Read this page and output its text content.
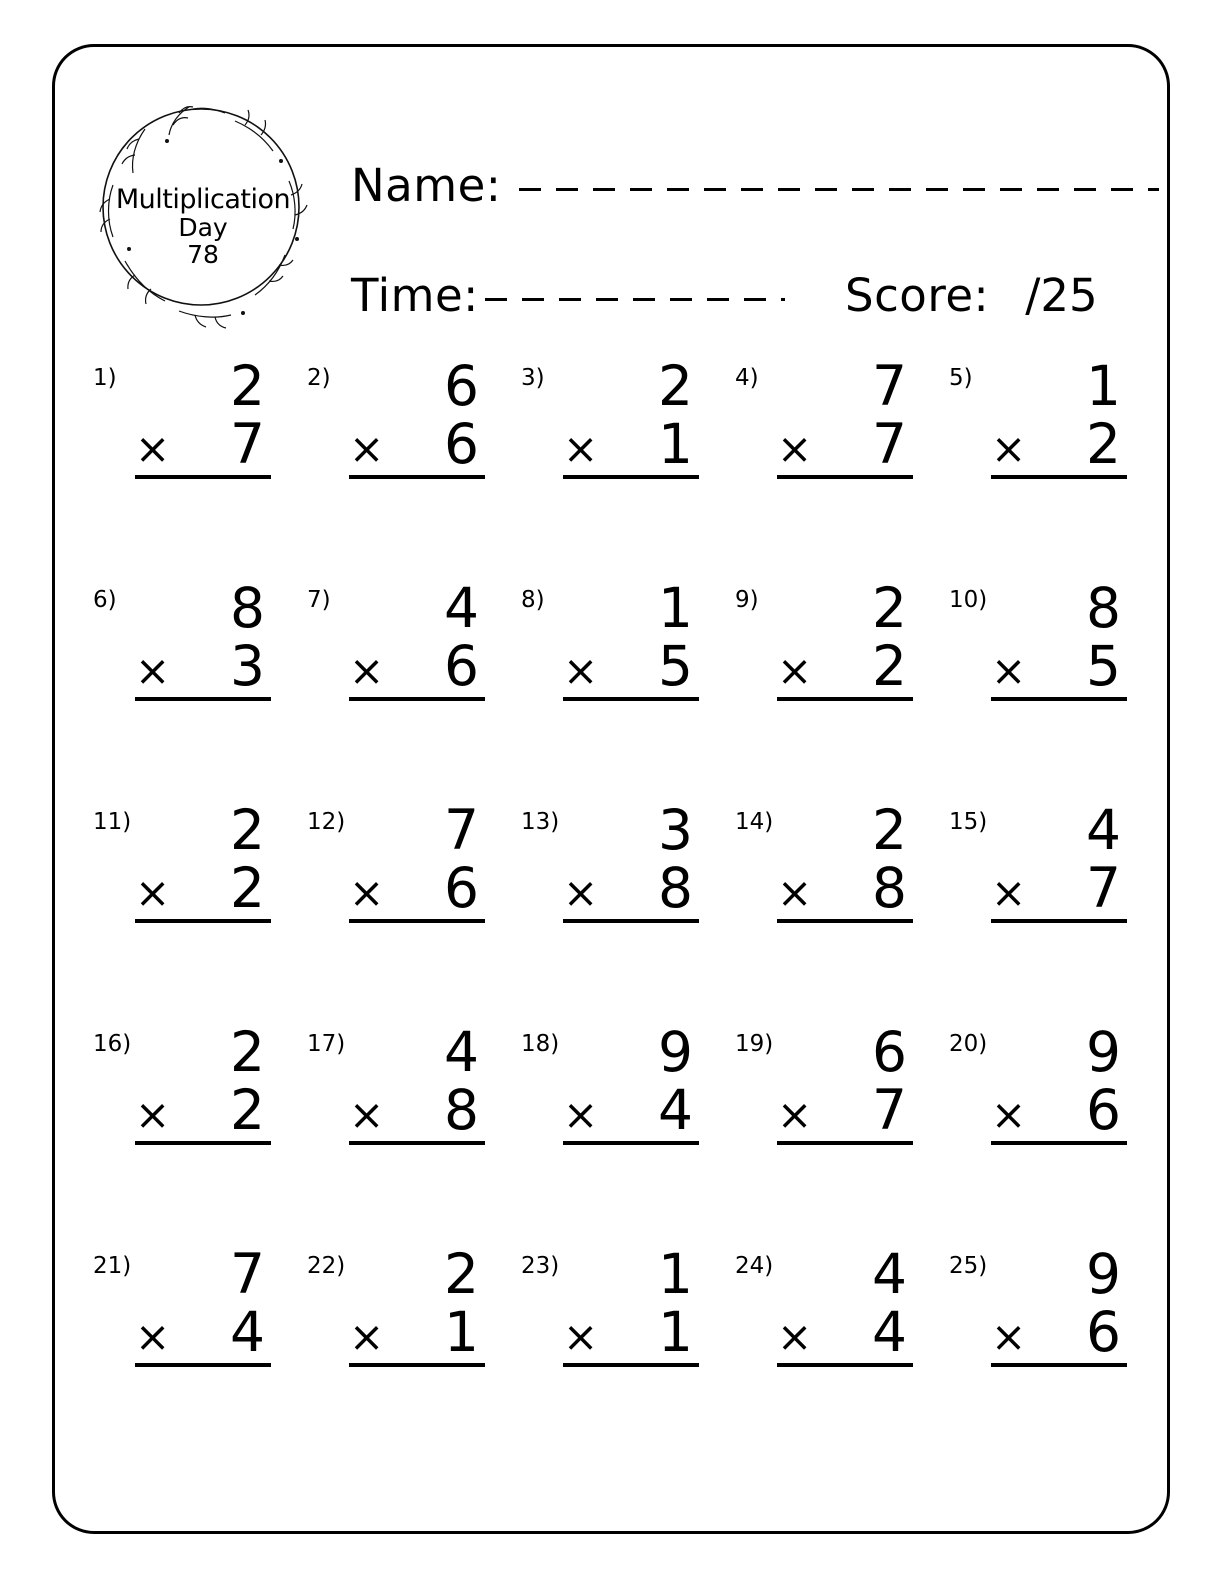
Multiplication
Day
78
Name:
Time:	Score: /25
1)	2
× 7
2)	6
× 6
3)	2
× 1
4)	7
× 7
5)	1
× 2
6)	8
× 3
7)	4
× 6
8)	1
× 5
9)	2
× 2
10)	8
× 5
11)	2
× 2
12)	7
× 6
13)	3
× 8
14)	2
× 8
15)	4
× 7
16)	2
× 2
17)	4
× 8
18)	9
× 4
19)	6
× 7
20)	9
× 6
21)	7
× 4
22)	2
× 1
23)	1
× 1
24)	4
× 4
25)	9
× 6
